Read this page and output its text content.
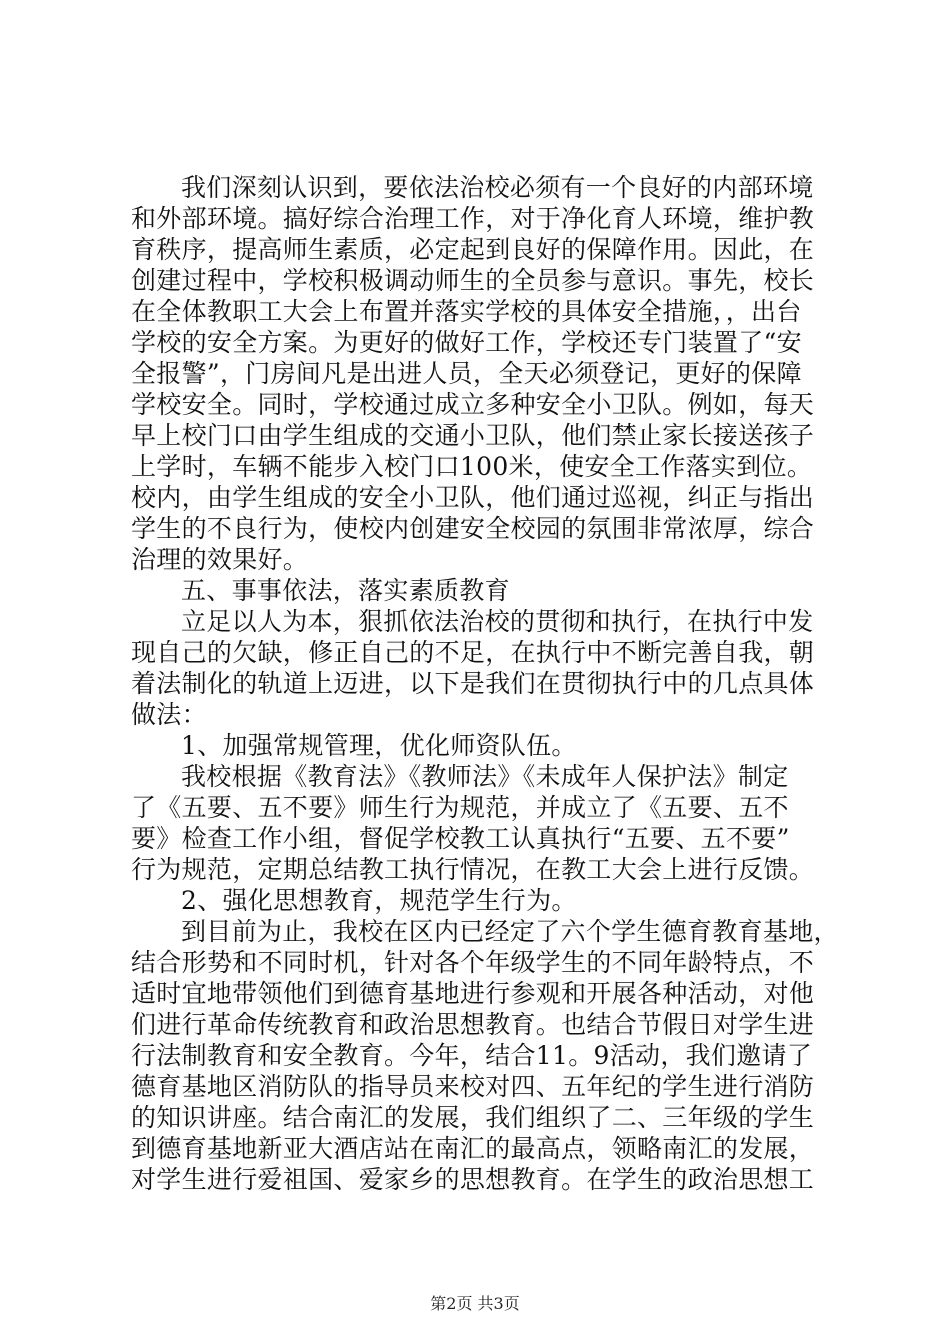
我们深刻认识到，要依法治校必须有一个良好的内部环境
和外部环境。搞好综合治理工作，对于净化育人环境，维护教
育秩序，提高师生素质，必定起到良好的保障作用。因此，在
创建过程中，学校积极调动师生的全员参与意识。事先，校长
在全体教职工大会上布置并落实学校的具体安全措施，，出台
学校的安全方案。为更好的做好工作，学校还专门装置了“安
全报警”，门房间凡是出进人员，全天必须登记，更好的保障
学校安全。同时，学校通过成立多种安全小卫队。例如，每天
早上校门口由学生组成的交通小卫队，他们禁止家长接送孩子
上学时，车辆不能步入校门口100米，使安全工作落实到位。
校内，由学生组成的安全小卫队，他们通过巡视，纠正与指出
学生的不良行为，使校内创建安全校园的氛围非常浓厚，综合
治理的效果好。

五、事事依法，落实素质教育

立足以人为本，狠抓依法治校的贯彻和执行，在执行中发
现自己的欠缺，修正自己的不足，在执行中不断完善自我，朝
着法制化的轨道上迈进，以下是我们在贯彻执行中的几点具体
做法：

1、加强常规管理，优化师资队伍。

我校根据《教育法》《教师法》《未成年人保护法》制定
了《五要、五不要》师生行为规范，并成立了《五要、五不
要》检查工作小组，督促学校教工认真执行“五要、五不要”
行为规范，定期总结教工执行情况，在教工大会上进行反馈。

2、强化思想教育，规范学生行为。

到目前为止，我校在区内已经定了六个学生德育教育基地，
结合形势和不同时机，针对各个年级学生的不同年龄特点，不
适时宜地带领他们到德育基地进行参观和开展各种活动，对他
们进行革命传统教育和政治思想教育。也结合节假日对学生进
行法制教育和安全教育。今年，结合11。9活动，我们邀请了
德育基地区消防队的指导员来校对四、五年纪的学生进行消防
的知识讲座。结合南汇的发展，我们组织了二、三年级的学生
到德育基地新亚大酒店站在南汇的最高点，领略南汇的发展，
对学生进行爱祖国、爱家乡的思想教育。在学生的政治思想工

第2页 共3页
